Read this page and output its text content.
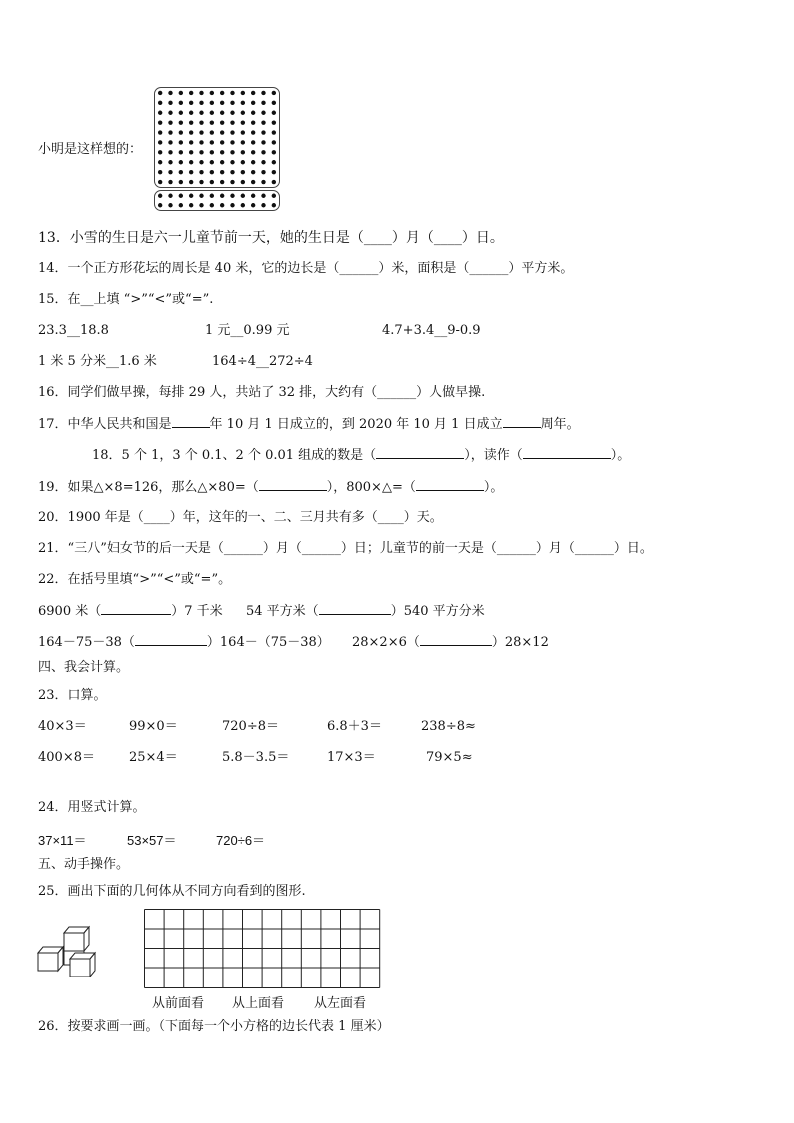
小明是这样想的：
13．小雪的生日是六一儿童节前一天，她的生日是（____）月（____）日。
14．一个正方形花坛的周长是 40 米，它的边长是（______）米，面积是（______）平方米。
15．在__上填 “>”“<”或“=”.
23.3__18.8	1 元__0.99 元	4.7+3.4__9-0.9
1 米 5 分米__1.6 米	164÷4__272÷4
16．同学们做早操，每排 29 人，共站了 32 排，大约有（______）人做早操.
17．中华人民共和国是	年 10 月 1 日成立的，到 2020 年 10 月 1 日成立	周年。
18．5 个 1，3 个 0.1、2 个 0.01 组成的数是（	），读作（	）。
19．如果△×8=126，那么△×80=（	），800×△=（	）。
20．1900 年是（____）年，这年的一、二、三月共有多（____）天。
21．“三八”妇女节的后一天是（______）月（______）日；儿童节的前一天是（______）月（______）日。
22．在括号里填“>”“<”或“=”。
6900 米（	）7 千米 54 平方米（	）540 平方分米
164－75－38（	）164－（75－38） 28×2×6（	）28×12
四、我会计算。
23．口算。
40×3＝	99×0＝	720÷8＝	6.8＋3＝	238÷8≈
400×8＝	25×4＝	5.8－3.5＝	17×3＝	79×5≈
24．用竖式计算。
37×11＝	53×57＝	720÷6＝
五、动手操作。
25．画出下面的几何体从不同方向看到的图形.
从前面看 从上面看 从左面看
26．按要求画一画。（下面每一个小方格的边长代表 1 厘米）
